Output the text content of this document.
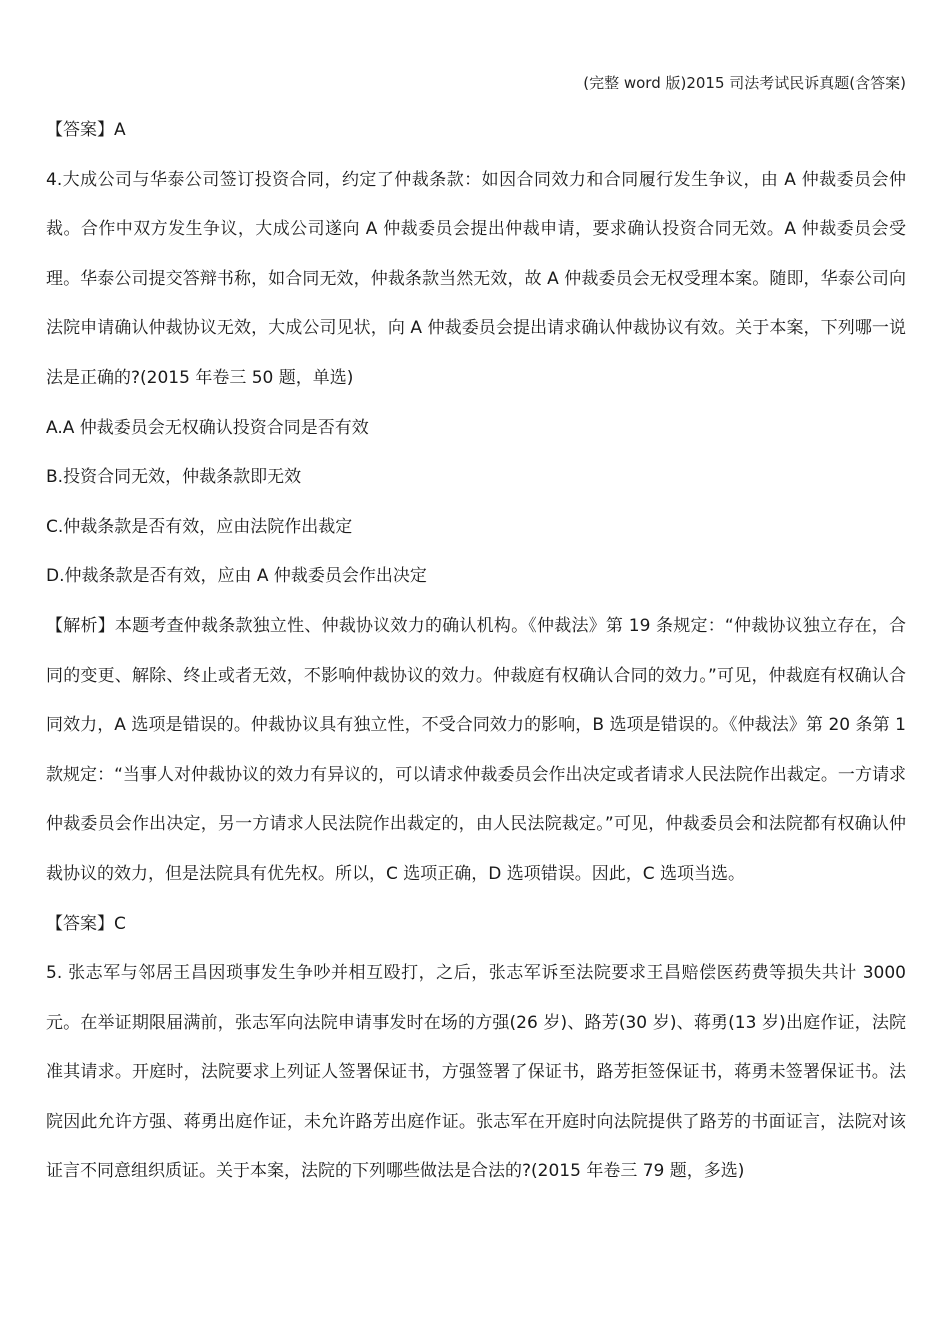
(完整 word 版)2015 司法考试民诉真题(含答案)

【答案】A

4.大成公司与华泰公司签订投资合同，约定了仲裁条款：如因合同效力和合同履行发生争议，由 A 仲裁委员会仲裁。合作中双方发生争议，大成公司遂向 A 仲裁委员会提出仲裁申请，要求确认投资合同无效。A 仲裁委员会受理。华泰公司提交答辩书称，如合同无效，仲裁条款当然无效，故 A 仲裁委员会无权受理本案。随即，华泰公司向法院申请确认仲裁协议无效，大成公司见状，向 A 仲裁委员会提出请求确认仲裁协议有效。关于本案，下列哪一说法是正确的?(2015 年卷三 50 题，单选)

A.A 仲裁委员会无权确认投资合同是否有效

B.投资合同无效，仲裁条款即无效

C.仲裁条款是否有效，应由法院作出裁定

D.仲裁条款是否有效，应由 A 仲裁委员会作出决定

【解析】本题考查仲裁条款独立性、仲裁协议效力的确认机构。《仲裁法》第 19 条规定：“仲裁协议独立存在，合同的变更、解除、终止或者无效，不影响仲裁协议的效力。仲裁庭有权确认合同的效力。”可见，仲裁庭有权确认合同效力，A 选项是错误的。仲裁协议具有独立性，不受合同效力的影响，B 选项是错误的。《仲裁法》第 20 条第 1 款规定：“当事人对仲裁协议的效力有异议的，可以请求仲裁委员会作出决定或者请求人民法院作出裁定。一方请求仲裁委员会作出决定，另一方请求人民法院作出裁定的，由人民法院裁定。”可见，仲裁委员会和法院都有权确认仲裁协议的效力，但是法院具有优先权。所以，C 选项正确，D 选项错误。因此，C 选项当选。

【答案】C

5. 张志军与邻居王昌因琐事发生争吵并相互殴打，之后，张志军诉至法院要求王昌赔偿医药费等损失共计 3000 元。在举证期限届满前，张志军向法院申请事发时在场的方强(26 岁)、路芳(30 岁)、蒋勇(13 岁)出庭作证，法院准其请求。开庭时，法院要求上列证人签署保证书，方强签署了保证书，路芳拒签保证书，蒋勇未签署保证书。法院因此允许方强、蒋勇出庭作证，未允许路芳出庭作证。张志军在开庭时向法院提供了路芳的书面证言，法院对该证言不同意组织质证。关于本案，法院的下列哪些做法是合法的?(2015 年卷三 79 题，多选)
